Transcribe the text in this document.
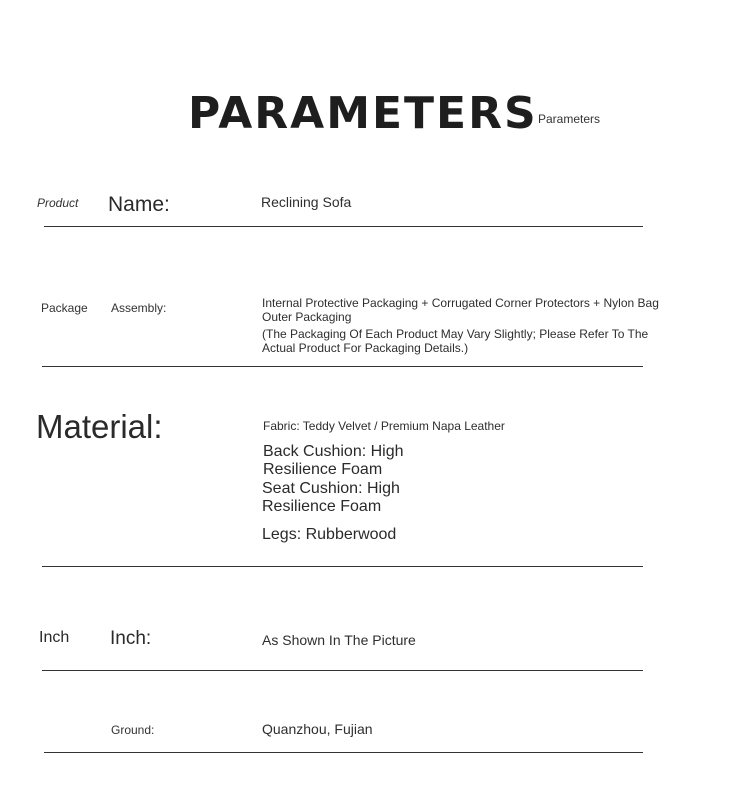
PARAMETERS Parameters
Product Name:	Reclining Sofa
Package Assembly:	Internal Protective Packaging + Corrugated Corner Protectors + Nylon Bag Outer Packaging
(The Packaging Of Each Product May Vary Slightly; Please Refer To The Actual Product For Packaging Details.)
Material:	Fabric: Teddy Velvet / Premium Napa Leather
Back Cushion: High Resilience Foam
Seat Cushion: High Resilience Foam
Legs: Rubberwood
Inch Inch:	As Shown In The Picture
Ground:	Quanzhou, Fujian
